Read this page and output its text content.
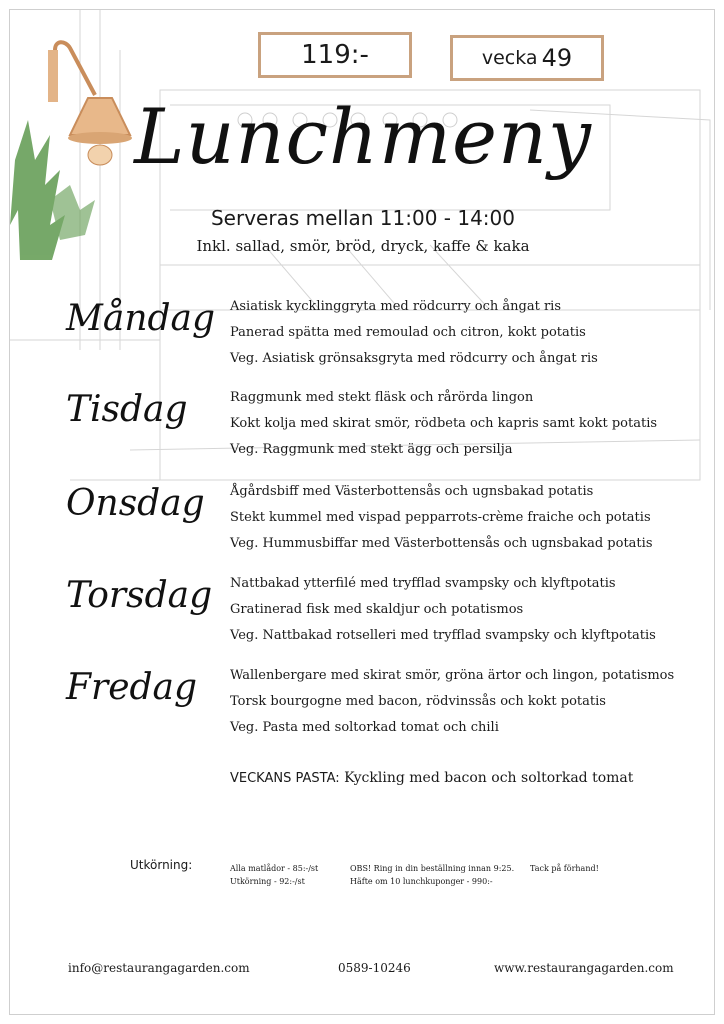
119:-	vecka 49
Lunchmeny
Serveras mellan 11:00 - 14:00
Inkl. sallad, smör, bröd, dryck, kaffe & kaka
Måndag Asiatisk kycklinggryta med rödcurry och ångat ris
Panerad spätta med remoulad och citron, kokt potatis
Veg. Asiatisk grönsaksgryta med rödcurry och ångat ris
Tisdag	Raggmunk med stekt fläsk och rårörda lingon
Kokt kolja med skirat smör, rödbeta och kapris samt kokt potatis
Veg. Raggmunk med stekt ägg och persilja
Onsdag Ågårdsbiff med Västerbottensås och ugnsbakad potatis
Stekt kummel med vispad pepparrots-crème fraiche och potatis
Veg. Hummusbiffar med Västerbottensås och ugnsbakad potatis
Torsdag Nattbakad ytterfilé med tryfflad svampsky och klyftpotatis
Gratinerad fisk med skaldjur och potatismos
Veg. Nattbakad rotselleri med tryfflad svampsky och klyftpotatis
Fredag	Wallenbergare med skirat smör, gröna ärtor och lingon, potatismos
Torsk bourgogne med bacon, rödvinssås och kokt potatis
Veg. Pasta med soltorkad tomat och chili
VECKANS PASTA: Kyckling med bacon och soltorkad tomat
Utkörning:	Alla matlådor - 85:-/st
Utkörning - 92:-/st
OBS! Ring in din beställning innan 9:25.
Häfte om 10 lunchkuponger - 990:-
Tack på förhand!
info@restaurangagarden.com	0589-10246	www.restaurangagarden.com
